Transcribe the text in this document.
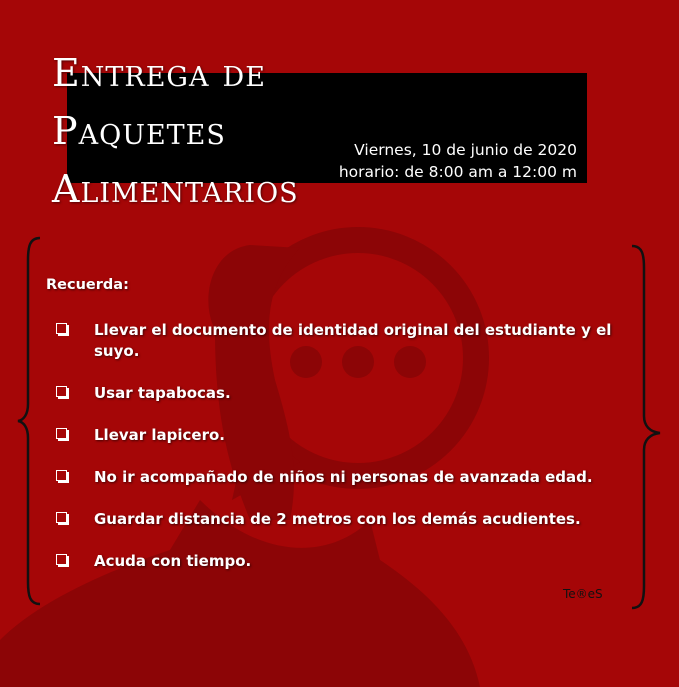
Entrega de
Paquetes
Alimentarios
Viernes, 10 de junio de 2020
horario: de 8:00 am a 12:00 m

Recuerda:

Llevar el documento de identidad original del estudiante y el suyo.
Usar tapabocas.
Llevar lapicero.
No ir acompañado de niños ni personas de avanzada edad.
Guardar distancia de 2 metros con los demás acudientes.
Acuda con tiempo.
Te®eS
